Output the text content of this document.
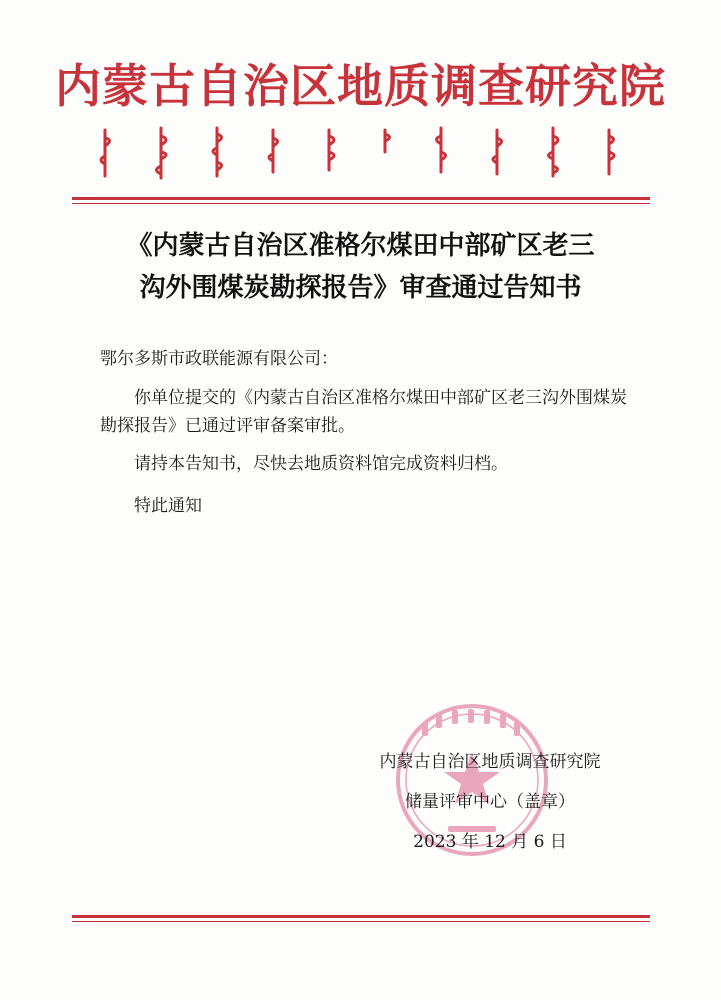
内蒙古自治区地质调查研究院
《内蒙古自治区准格尔煤田中部矿区老三
沟外围煤炭勘探报告》审查通过告知书

鄂尔多斯市政联能源有限公司：

你单位提交的《内蒙古自治区准格尔煤田中部矿区老三沟外围煤炭勘探报告》已通过评审备案审批。

请持本告知书，尽快去地质资料馆完成资料归档。

特此通知

内蒙古自治区地质调查研究院
储量评审中心（盖章）
2023 年 12 月 6 日
